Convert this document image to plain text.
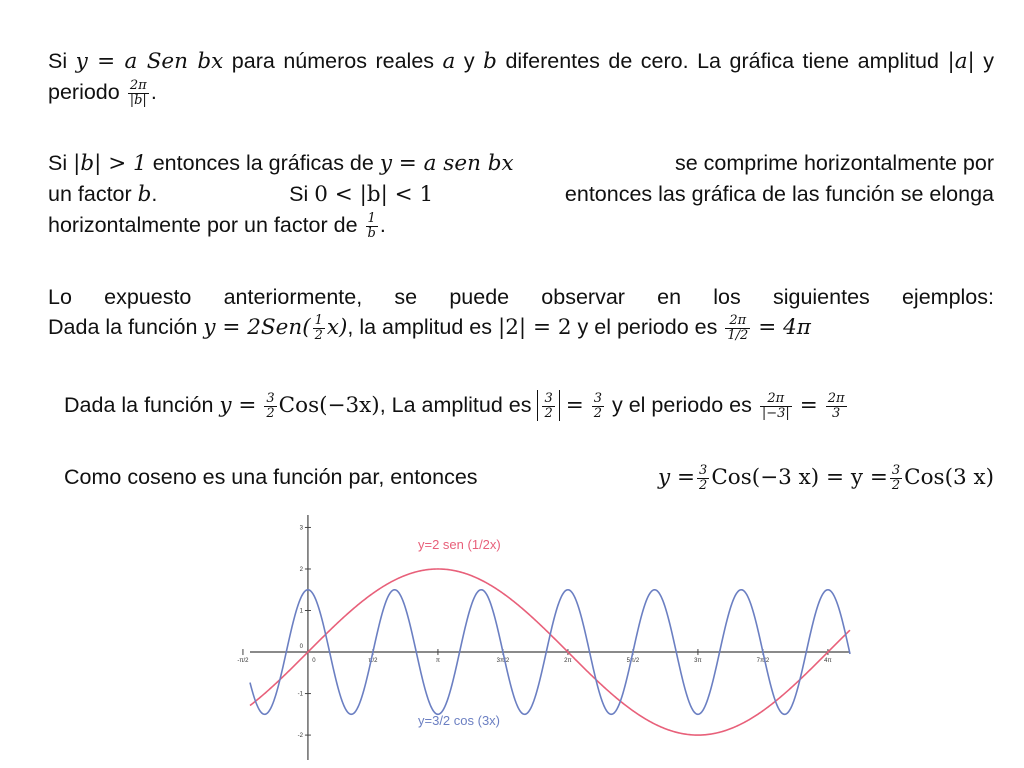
Si y = a Sen bx para números reales a y b diferentes de cero. La gráfica tiene amplitud |a| y periodo $\frac{2\pi}{|b|}$ .
Si |b| > 1 entonces la gráficas de y = a sen bx	se comprime horizontalmente por
un factor b.	Si 0 < |b| < 1	entonces las gráfica de las función se elonga
horizontalmente por un factor de $\frac{1}{b}$ .
Lo expuesto anteriormente, se puede observar en los siguientes ejemplos:
Dada la función $y = 2Sen( \frac{1}{2} x)$, la amplitud es |2| = 2 y el periodo es $\frac{2\pi}{1/2} = 4\pi$
Dada la función $y = \frac{3}{2} Cos(-3x)$, La amplitud es $\frac{3}{2} = \frac{3}{2}$ y el periodo es $\frac{2\pi}{|-3|} = \frac{2\pi}{3}$
Como coseno es una función par, entonces	$y = \frac{3}{2} Cos(-3$ $x) = y = \frac{3}{2} Cos(3$ x)
-π/2	0	π/2	π	3π/2	2π	5π/2	3π	7π/2	4π
-2
-1
1
2
3
0
y=2 sen (1/2x)
y=3/2 cos (3x)
